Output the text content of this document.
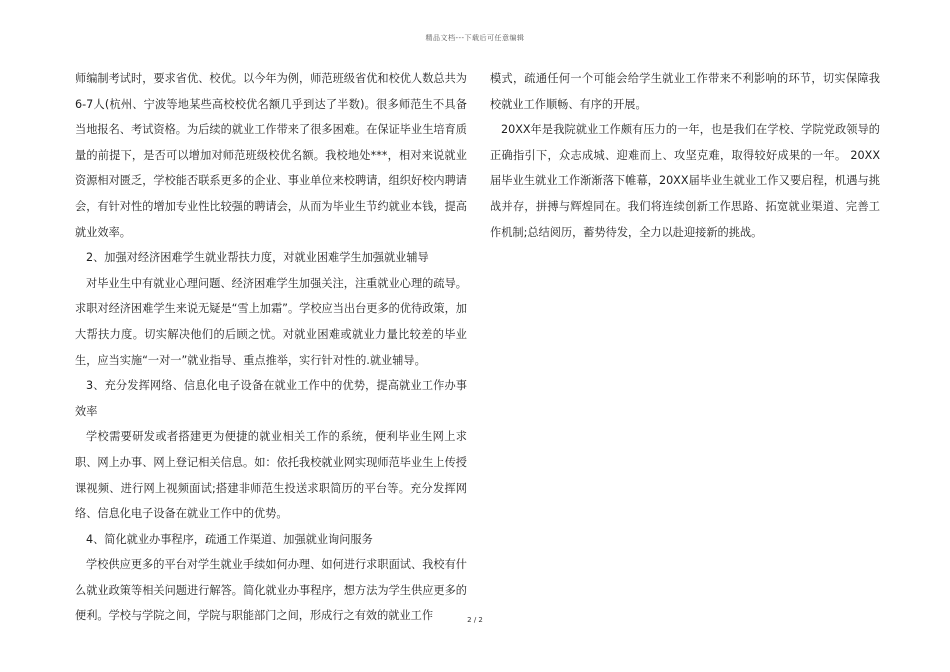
精品文档---下载后可任意编辑

师编制考试时，要求省优、校优。以今年为例，师范班级省优和校优人数总共为6-7人(杭州、宁波等地某些高校校优名额几乎到达了半数)。很多师范生不具备当地报名、考试资格。为后续的就业工作带来了很多困难。在保证毕业生培育质量的前提下，是否可以增加对师范班级校优名额。我校地处***，相对来说就业资源相对匮乏，学校能否联系更多的企业、事业单位来校聘请，组织好校内聘请会，有针对性的增加专业性比较强的聘请会，从而为毕业生节约就业本钱，提高就业效率。

2、加强对经济困难学生就业帮扶力度，对就业困难学生加强就业辅导

对毕业生中有就业心理问题、经济困难学生加强关注，注重就业心理的疏导。求职对经济困难学生来说无疑是“雪上加霜”。学校应当出台更多的优待政策，加大帮扶力度。切实解决他们的后顾之忧。对就业困难或就业力量比较差的毕业生，应当实施“一对一”就业指导、重点推举，实行针对性的.就业辅导。

3、充分发挥网络、信息化电子设备在就业工作中的优势，提高就业工作办事效率

学校需要研发或者搭建更为便捷的就业相关工作的系统，便利毕业生网上求职、网上办事、网上登记相关信息。如：依托我校就业网实现师范毕业生上传授课视频、进行网上视频面试;搭建非师范生投送求职简历的平台等。充分发挥网络、信息化电子设备在就业工作中的优势。

4、简化就业办事程序，疏通工作渠道、加强就业询问服务

学校供应更多的平台对学生就业手续如何办理、如何进行求职面试、我校有什么就业政策等相关问题进行解答。简化就业办事程序，想方法为学生供应更多的便利。学校与学院之间，学院与职能部门之间，形成行之有效的就业工作

模式，疏通任何一个可能会给学生就业工作带来不利影响的环节，切实保障我校就业工作顺畅、有序的开展。

20XX年是我院就业工作颇有压力的一年，也是我们在学校、学院党政领导的正确指引下，众志成城、迎难而上、攻坚克难，取得较好成果的一年。 20XX届毕业生就业工作渐渐落下帷幕，20XX届毕业生就业工作又要启程，机遇与挑战并存，拼搏与辉煌同在。我们将连续创新工作思路、拓宽就业渠道、完善工作机制;总结阅历，蓄势待发，全力以赴迎接新的挑战。

2 / 2
